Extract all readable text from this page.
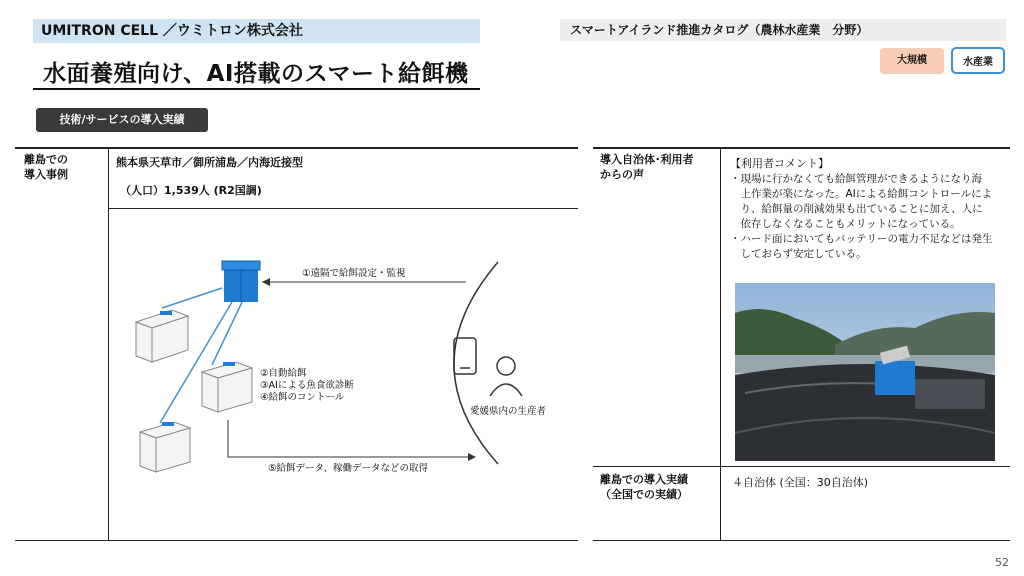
UMITRON CELL ／ウミトロン株式会社	スマートアイランド推進カタログ（農林水産業　分野）
水面養殖向け、AI搭載のスマート給餌機
大規模	水産業
技術/サービスの導入実績
離島での
導入事例
熊本県天草市／御所浦島／内海近接型
（人口）1,539人 (R2国調)
①遠隔で給餌設定・監視
②自動給餌
③AIによる魚食欲診断
④給餌のコントール
⑤給餌データ、稼働データなどの取得
愛媛県内の生産者
導入自治体･利用者
からの声
【利用者コメント】
・現場に行かなくても給餌管理ができるようになり海
　上作業が楽になった。AIによる給餌コントロールによ
　り、給餌量の削減効果も出ていることに加え、人に
　依存しなくなることもメリットになっている。
・ハード面においてもバッテリーの電力不足などは発生
　しておらず安定している。
離島での導入実績
（全国での実績）
４自治体 (全国：30自治体)
52
